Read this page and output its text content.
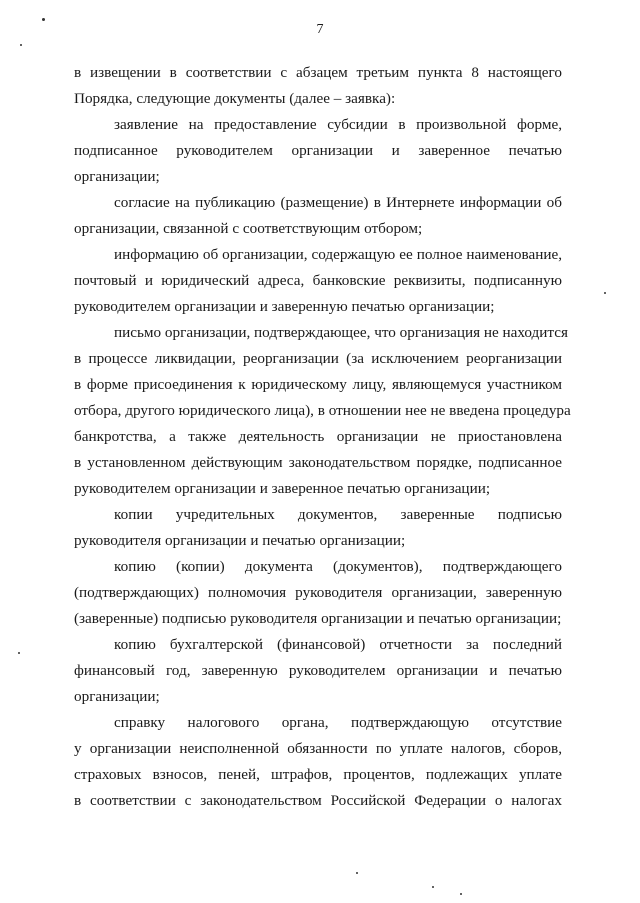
7
в извещении в соответствии с абзацем третьим пункта 8 настоящего
Порядка, следующие документы (далее – заявка):
заявление на предоставление субсидии в произвольной форме,
подписанное руководителем организации и заверенное печатью
организации;
согласие на публикацию (размещение) в Интернете информации об
организации, связанной с соответствующим отбором;
информацию об организации, содержащую ее полное наименование,
почтовый и юридический адреса, банковские реквизиты, подписанную
руководителем организации и заверенную печатью организации;
письмо организации, подтверждающее, что организация не находится
в процессе ликвидации, реорганизации (за исключением реорганизации
в форме присоединения к юридическому лицу, являющемуся участником
отбора, другого юридического лица), в отношении нее не введена процедура
банкротства, а также деятельность организации не приостановлена
в установленном действующим законодательством порядке, подписанное
руководителем организации и заверенное печатью организации;
копии учредительных документов, заверенные подписью
руководителя организации и печатью организации;
копию (копии) документа (документов), подтверждающего
(подтверждающих) полномочия руководителя организации, заверенную
(заверенные) подписью руководителя организации и печатью организации;
копию бухгалтерской (финансовой) отчетности за последний
финансовый год, заверенную руководителем организации и печатью
организации;
справку налогового органа, подтверждающую отсутствие
у организации неисполненной обязанности по уплате налогов, сборов,
страховых взносов, пеней, штрафов, процентов, подлежащих уплате
в соответствии с законодательством Российской Федерации о налогах
